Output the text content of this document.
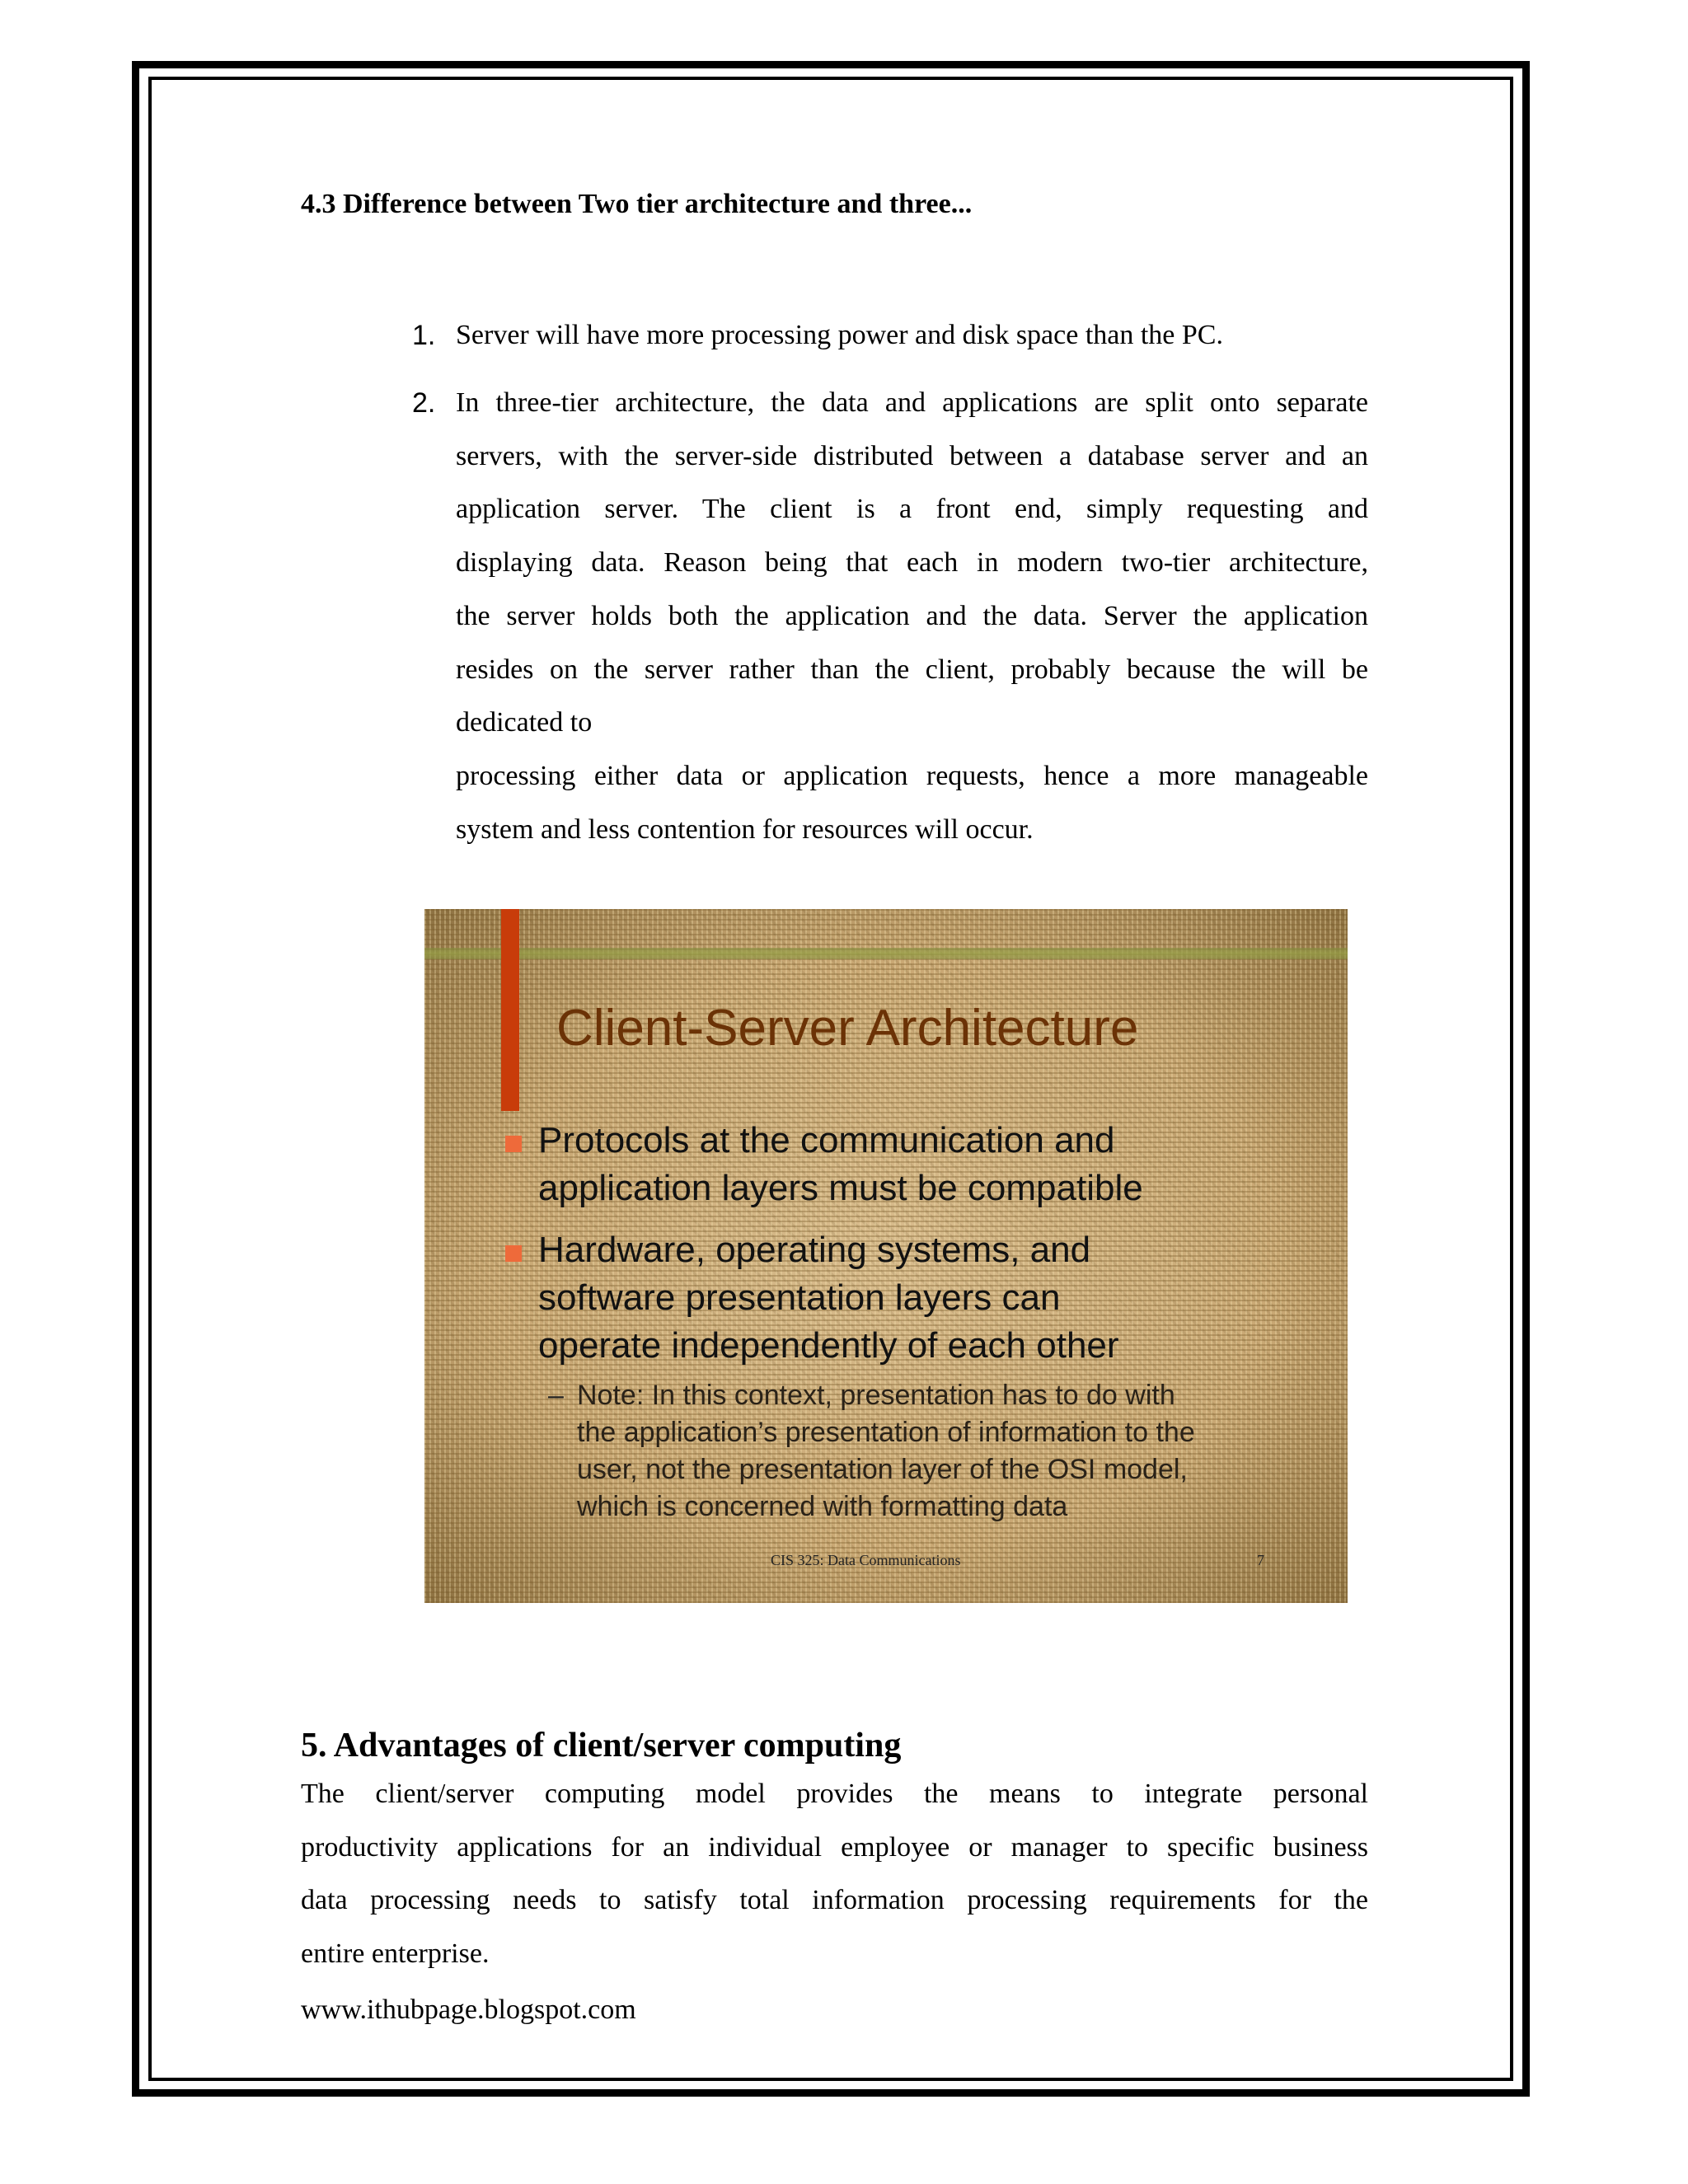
4.3 Difference between Two tier architecture and three...
1. Server will have more processing power and disk space than the PC.

2. In three-tier architecture, the data and applications are split onto separate

servers, with the server-side distributed between a database server and an

application server. The client is a front end, simply requesting and

displaying data. Reason being that each in modern two-tier architecture,

the server holds both the application and the data. Server the application

resides on the server rather than the client, probably because the will be

dedicated to

processing either data or application requests, hence a more manageable

system and less contention for resources will occur.

Client-Server Architecture

Protocols at the communication and

application layers must be compatible

Hardware, operating systems, and

software presentation layers can

operate independently of each other

– Note: In this context, presentation has to do with

the application’s presentation of information to the

user, not the presentation layer of the OSI model,

which is concerned with formatting data

CIS 325: Data Communications	7
5. Advantages of client/server computing

The client/server computing model provides the means to integrate personal

productivity applications for an individual employee or manager to specific business

data processing needs to satisfy total information processing requirements for the

entire enterprise.

www.ithubpage.blogspot.com
